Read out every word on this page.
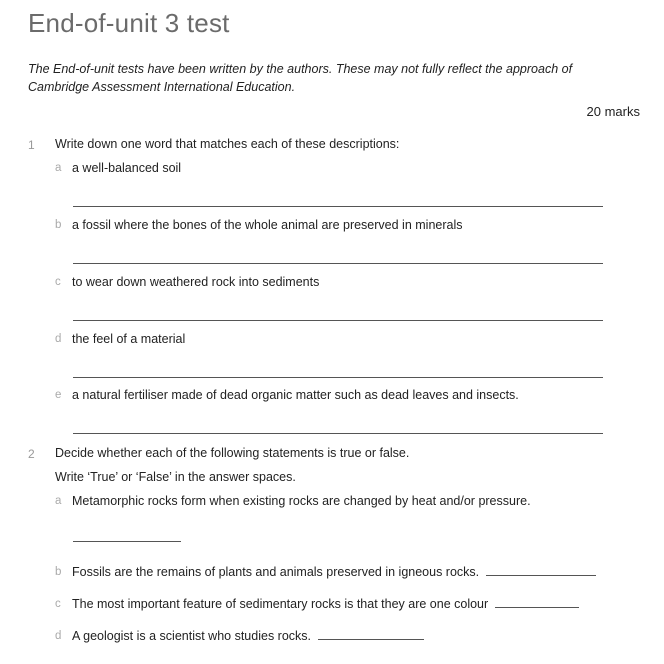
End-of-unit 3 test
The End-of-unit tests have been written by the authors. These may not fully reflect the approach of Cambridge Assessment International Education.
20 marks
1 Write down one word that matches each of these descriptions:
a a well-balanced soil
b a fossil where the bones of the whole animal are preserved in minerals
c to wear down weathered rock into sediments
d the feel of a material
e a natural fertiliser made of dead organic matter such as dead leaves and insects.
2 Decide whether each of the following statements is true or false.
Write ‘True’ or ‘False’ in the answer spaces.
a Metamorphic rocks form when existing rocks are changed by heat and/or pressure.
b Fossils are the remains of plants and animals preserved in igneous rocks.
c The most important feature of sedimentary rocks is that they are one colour
d A geologist is a scientist who studies rocks.
